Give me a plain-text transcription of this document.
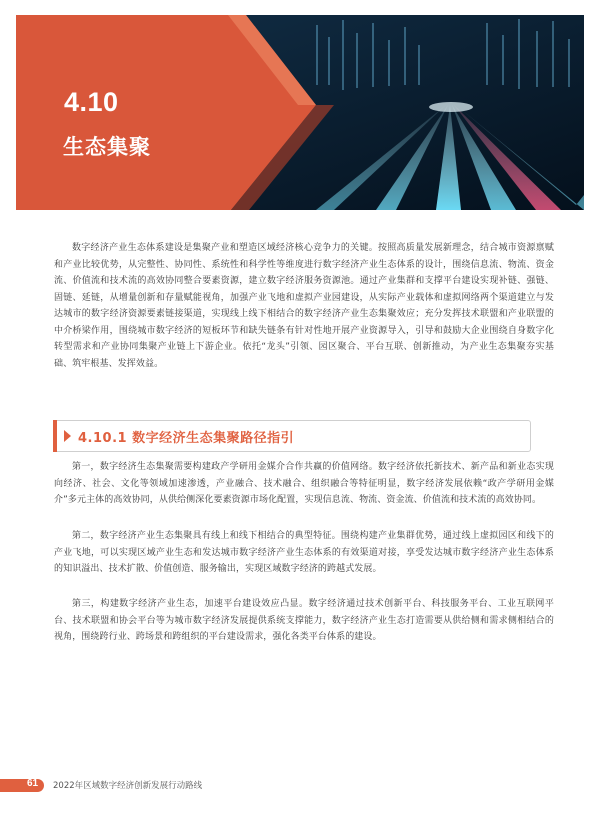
4.10
生态集聚

数字经济产业生态体系建设是集聚产业和塑造区域经济核心竞争力的关键。按照高质量发展新理念，结合城市资源禀赋和产业比较优势，从完整性、协同性、系统性和科学性等维度进行数字经济产业生态体系的设计，围绕信息流、物流、资金流、价值流和技术流的高效协同整合要素资源，建立数字经济服务资源池。通过产业集群和支撑平台建设实现补链、强链、固链、延链，从增量创新和存量赋能视角，加强产业飞地和虚拟产业园建设，从实际产业载体和虚拟网络两个渠道建立与发达城市的数字经济资源要素链接渠道，实现线上线下相结合的数字经济产业生态集聚效应；充分发挥技术联盟和产业联盟的中介桥梁作用，围绕城市数字经济的短板环节和缺失链条有针对性地开展产业资源导入，引导和鼓励大企业围绕自身数字化转型需求和产业协同集聚产业链上下游企业。依托“龙头”引领、园区聚合、平台互联、创新推动，为产业生态集聚夯实基础、筑牢根基、发挥效益。

4.10.1 数字经济生态集聚路径指引

第一，数字经济生态集聚需要构建政产学研用金媒介合作共赢的价值网络。数字经济依托新技术、新产品和新业态实现向经济、社会、文化等领域加速渗透，产业融合、技术融合、组织融合等特征明显，数字经济发展依赖“政产学研用金媒介”多元主体的高效协同，从供给侧深化要素资源市场化配置，实现信息流、物流、资金流、价值流和技术流的高效协同。

第二，数字经济产业生态集聚具有线上和线下相结合的典型特征。围绕构建产业集群优势，通过线上虚拟园区和线下的产业飞地，可以实现区域产业生态和发达城市数字经济产业生态体系的有效渠道对接，享受发达城市数字经济产业生态体系的知识溢出、技术扩散、价值创造、服务输出，实现区域数字经济的跨越式发展。

第三，构建数字经济产业生态，加速平台建设效应凸显。数字经济通过技术创新平台、科技服务平台、工业互联网平台、技术联盟和协会平台等为城市数字经济发展提供系统支撑能力，数字经济产业生态打造需要从供给侧和需求侧相结合的视角，围绕跨行业、跨场景和跨组织的平台建设需求，强化各类平台体系的建设。

61 2022年区域数字经济创新发展行动路线
